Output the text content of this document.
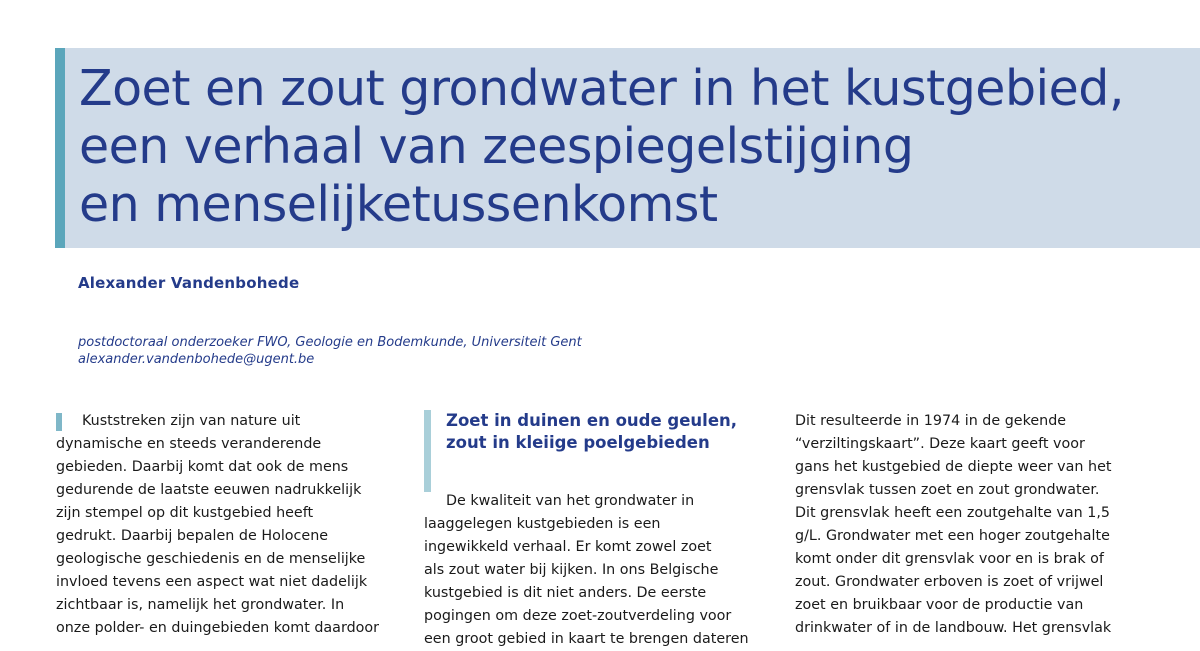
Zoet en zout grondwater in het kustgebied,
een verhaal van zeespiegelstijging
en menselijketussenkomst
Alexander Vandenbohede
postdoctoraal onderzoeker FWO, Geologie en Bodemkunde, Universiteit Gent
alexander.vandenbohede@ugent.be
Kuststreken zijn van nature uit
dynamische en steeds veranderende
gebieden. Daarbij komt dat ook de mens
gedurende de laatste eeuwen nadrukkelijk
zijn stempel op dit kustgebied heeft
gedrukt. Daarbij bepalen de Holocene
geologische geschiedenis en de menselijke
invloed tevens een aspect wat niet dadelijk
zichtbaar is, namelijk het grondwater. In
onze polder- en duingebieden komt daardoor
Zoet in duinen en oude geulen,
zout in kleiige poelgebieden
De kwaliteit van het grondwater in
laaggelegen kustgebieden is een
ingewikkeld verhaal. Er komt zowel zoet
als zout water bij kijken. In ons Belgische
kustgebied is dit niet anders. De eerste
pogingen om deze zoet-zoutverdeling voor
een groot gebied in kaart te brengen dateren
Dit resulteerde in 1974 in de gekende
“verziltingskaart”. Deze kaart geeft voor
gans het kustgebied de diepte weer van het
grensvlak tussen zoet en zout grondwater.
Dit grensvlak heeft een zoutgehalte van 1,5
g/L. Grondwater met een hoger zoutgehalte
komt onder dit grensvlak voor en is brak of
zout. Grondwater erboven is zoet of vrijwel
zoet en bruikbaar voor de productie van
drinkwater of in de landbouw. Het grensvlak
